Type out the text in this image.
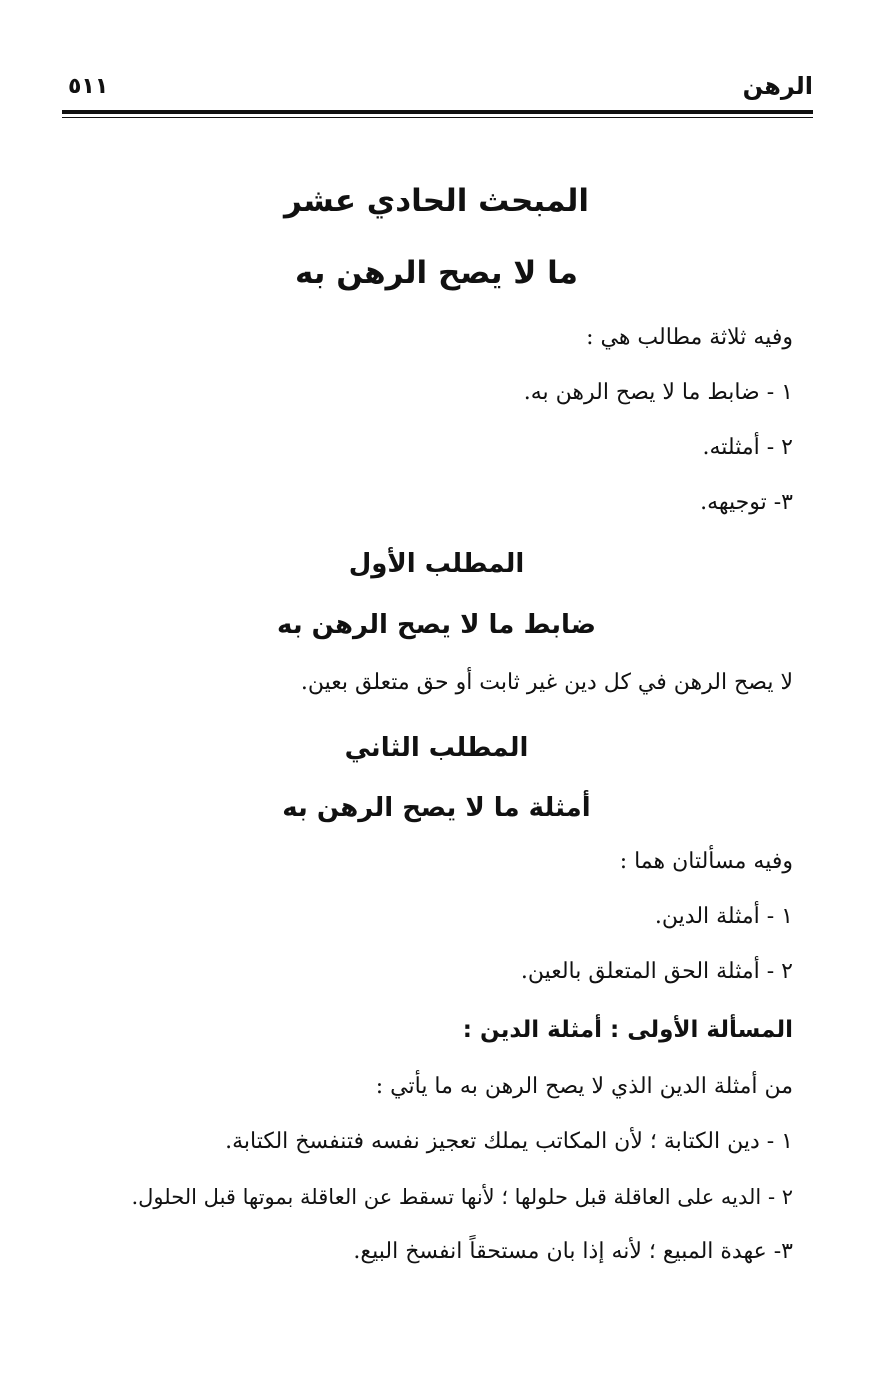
الرهن
٥١١
المبحث الحادي عشر
ما لا يصح الرهن به
وفيه ثلاثة مطالب هي :
١ - ضابط ما لا يصح الرهن به.
٢ - أمثلته.
٣- توجيهه.
المطلب الأول
ضابط ما لا يصح الرهن به
لا يصح الرهن في كل دين غير ثابت أو حق متعلق بعين.
المطلب الثاني
أمثلة ما لا يصح الرهن به
وفيه مسألتان هما :
١ - أمثلة الدين.
٢ - أمثلة الحق المتعلق بالعين.
المسألة الأولى : أمثلة الدين :
من أمثلة الدين الذي لا يصح الرهن به ما يأتي :
١ - دين الكتابة ؛ لأن المكاتب يملك تعجيز نفسه فتنفسخ الكتابة.
٢ - الديه على العاقلة قبل حلولها ؛ لأنها تسقط عن العاقلة بموتها قبل الحلول.
٣- عهدة المبيع ؛ لأنه إذا بان مستحقاً انفسخ البيع.
